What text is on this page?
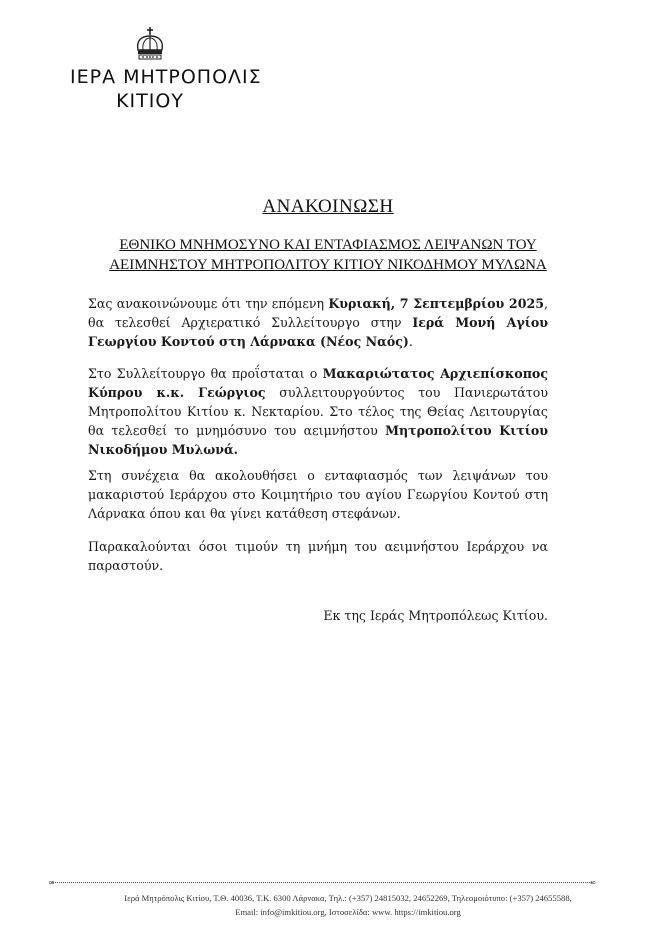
ΙΕΡΑ ΜΗΤΡΟΠΟΛΙΣ
ΚΙΤΙΟΥ
ΑΝΑΚΟΙΝΩΣΗ
ΕΘΝΙΚΟ ΜΝΗΜΟΣΥΝΟ ΚΑΙ ΕΝΤΑΦΙΑΣΜΟΣ ΛΕΙΨΑΝΩΝ ΤΟΥ
ΑΕΙΜΝΗΣΤΟΥ ΜΗΤΡΟΠΟΛΙΤΟΥ ΚΙΤΙΟΥ ΝΙΚΟΔΗΜΟΥ ΜΥΛΩΝΑ
Σας ανακοινώνουμε ότι την επόμενη Κυριακή, 7 Σεπτεμβρίου 2025, θα τελεσθεί Αρχιερατικό Συλλείτουργο στην Ιερά Μονή Αγίου Γεωργίου Κοντού στη Λάρνακα (Νέος Ναός).
Στο Συλλείτουργο θα προΐσταται ο Μακαριώτατος Αρχιεπίσκοπος Κύπρου κ.κ. Γεώργιος συλλειτουργούντος του Πανιερωτάτου Μητροπολίτου Κιτίου κ. Νεκταρίου. Στο τέλος της Θείας Λειτουργίας θα τελεσθεί το μνημόσυνο του αειμνήστου Μητροπολίτου Κιτίου Νικοδήμου Μυλωνά.
Στη συνέχεια θα ακολουθήσει ο ενταφιασμός των λειψάνων του μακαριστού Ιεράρχου στο Κοιμητήριο του αγίου Γεωργίου Κοντού στη Λάρνακα όπου και θα γίνει κατάθεση στεφάνων.
Παρακαλούνται όσοι τιμούν τη μνήμη του αειμνήστου Ιεράρχου να παραστούν.
Εκ της Ιεράς Μητροπόλεως Κιτίου.
∞	∞
Ιερά Μητρόπολις Κιτίου, Τ.Θ. 40036, Τ.Κ. 6300 Λάρνακα, Τηλ.: (+357) 24815032, 24652269, Τηλεομοιότυπο: (+357) 24655588,
Email: info@imkitiou.org, Ιστοσελίδα: www. https://imkitiou.org
